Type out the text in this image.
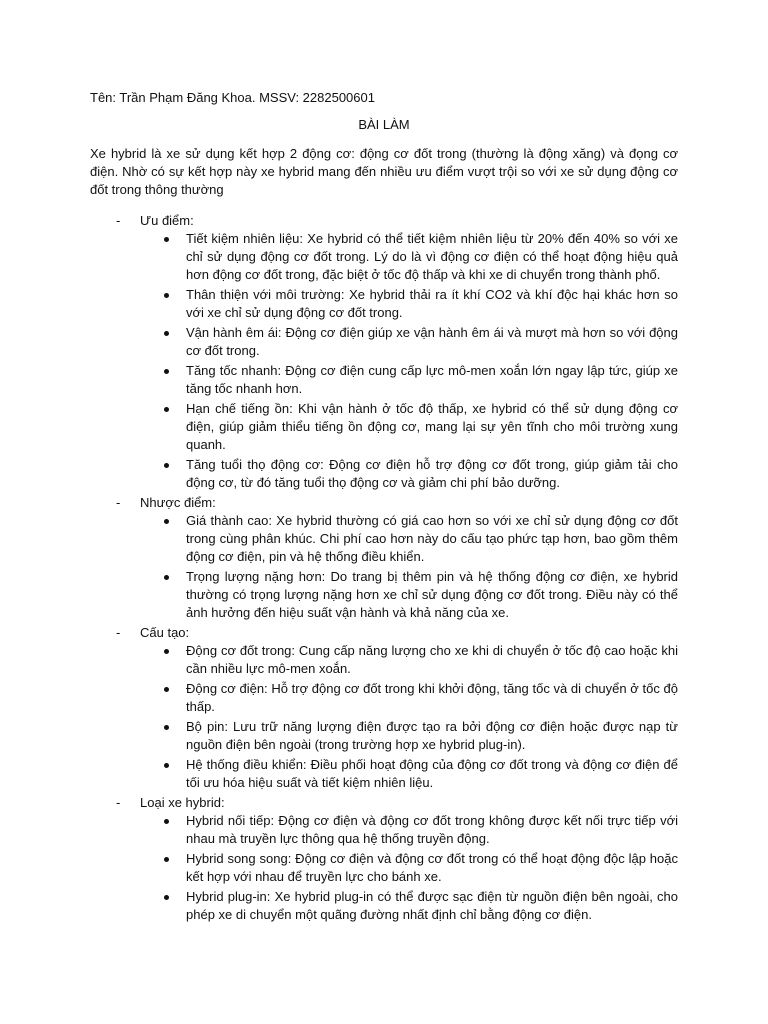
Tên: Trần Phạm Đăng Khoa. MSSV: 2282500601

BÀI LÀM

Xe hybrid là xe sử dụng kết hợp 2 động cơ: động cơ đốt trong (thường là động xăng) và đọng cơ điện. Nhờ có sự kết hợp này xe hybrid mang đến nhiều ưu điểm vượt trội so với xe sử dụng động cơ đốt trong thông thường

- Ưu điểm:
Tiết kiệm nhiên liệu: Xe hybrid có thể tiết kiệm nhiên liệu từ 20% đến 40% so với xe chỉ sử dụng động cơ đốt trong. Lý do là vì động cơ điện có thể hoạt động hiệu quả hơn động cơ đốt trong, đặc biệt ở tốc độ thấp và khi xe di chuyển trong thành phố.
Thân thiện với môi trường: Xe hybrid thải ra ít khí CO2 và khí độc hại khác hơn so với xe chỉ sử dụng động cơ đốt trong.
Vận hành êm ái: Động cơ điện giúp xe vận hành êm ái và mượt mà hơn so với động cơ đốt trong.
Tăng tốc nhanh: Động cơ điện cung cấp lực mô-men xoắn lớn ngay lập tức, giúp xe tăng tốc nhanh hơn.
Hạn chế tiếng ồn: Khi vận hành ở tốc độ thấp, xe hybrid có thể sử dụng động cơ điện, giúp giảm thiểu tiếng ồn động cơ, mang lại sự yên tĩnh cho môi trường xung quanh.
Tăng tuổi thọ động cơ: Động cơ điện hỗ trợ động cơ đốt trong, giúp giảm tải cho động cơ, từ đó tăng tuổi thọ động cơ và giảm chi phí bảo dưỡng.
- Nhược điểm:
Giá thành cao: Xe hybrid thường có giá cao hơn so với xe chỉ sử dụng động cơ đốt trong cùng phân khúc. Chi phí cao hơn này do cấu tạo phức tạp hơn, bao gồm thêm động cơ điện, pin và hệ thống điều khiển.
Trọng lượng nặng hơn: Do trang bị thêm pin và hệ thống động cơ điện, xe hybrid thường có trọng lượng nặng hơn xe chỉ sử dụng động cơ đốt trong. Điều này có thể ảnh hưởng đến hiệu suất vận hành và khả năng của xe.
- Cấu tạo:
Động cơ đốt trong: Cung cấp năng lượng cho xe khi di chuyển ở tốc độ cao hoặc khi cần nhiều lực mô-men xoắn.
Động cơ điện: Hỗ trợ động cơ đốt trong khi khởi động, tăng tốc và di chuyển ở tốc độ thấp.
Bộ pin: Lưu trữ năng lượng điện được tạo ra bởi động cơ điện hoặc được nạp từ nguồn điện bên ngoài (trong trường hợp xe hybrid plug-in).
Hệ thống điều khiển: Điều phối hoạt động của động cơ đốt trong và động cơ điện để tối ưu hóa hiệu suất và tiết kiệm nhiên liệu.
- Loại xe hybrid:
Hybrid nối tiếp: Động cơ điện và động cơ đốt trong không được kết nối trực tiếp với nhau mà truyền lực thông qua hệ thống truyền động.
Hybrid song song: Động cơ điện và động cơ đốt trong có thể hoạt động độc lập hoặc kết hợp với nhau để truyền lực cho bánh xe.
Hybrid plug-in: Xe hybrid plug-in có thể được sạc điện từ nguồn điện bên ngoài, cho phép xe di chuyển một quãng đường nhất định chỉ bằng động cơ điện.
